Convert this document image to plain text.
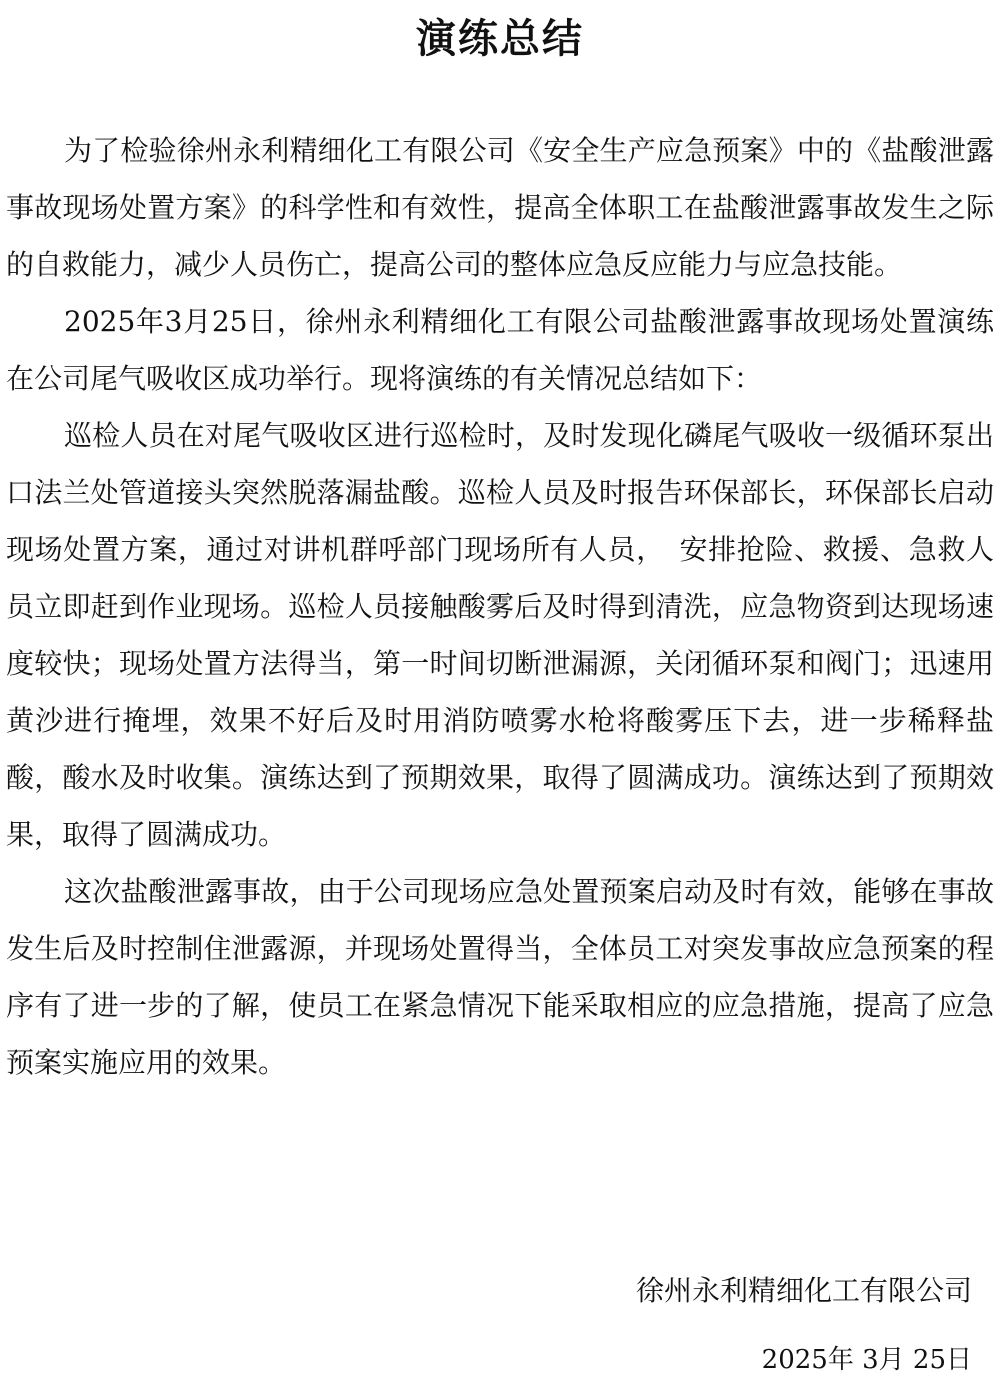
演练总结

为了检验徐州永利精细化工有限公司《安全生产应急预案》中的《盐酸泄露事故现场处置方案》的科学性和有效性，提高全体职工在盐酸泄露事故发生之际的自救能力，减少人员伤亡，提高公司的整体应急反应能力与应急技能。

2025年3月25日，徐州永利精细化工有限公司盐酸泄露事故现场处置演练在公司尾气吸收区成功举行。现将演练的有关情况总结如下：

巡检人员在对尾气吸收区进行巡检时，及时发现化磷尾气吸收一级循环泵出口法兰处管道接头突然脱落漏盐酸。巡检人员及时报告环保部长，环保部长启动现场处置方案，通过对讲机群呼部门现场所有人员，　安排抢险、救援、急救人员立即赶到作业现场。巡检人员接触酸雾后及时得到清洗，应急物资到达现场速度较快；现场处置方法得当，第一时间切断泄漏源，关闭循环泵和阀门；迅速用黄沙进行掩埋，效果不好后及时用消防喷雾水枪将酸雾压下去，进一步稀释盐酸，酸水及时收集。演练达到了预期效果，取得了圆满成功。演练达到了预期效果，取得了圆满成功。

这次盐酸泄露事故，由于公司现场应急处置预案启动及时有效，能够在事故发生后及时控制住泄露源，并现场处置得当，全体员工对突发事故应急预案的程序有了进一步的了解，使员工在紧急情况下能采取相应的应急措施，提高了应急预案实施应用的效果。

徐州永利精细化工有限公司
2025年 3月 25日
